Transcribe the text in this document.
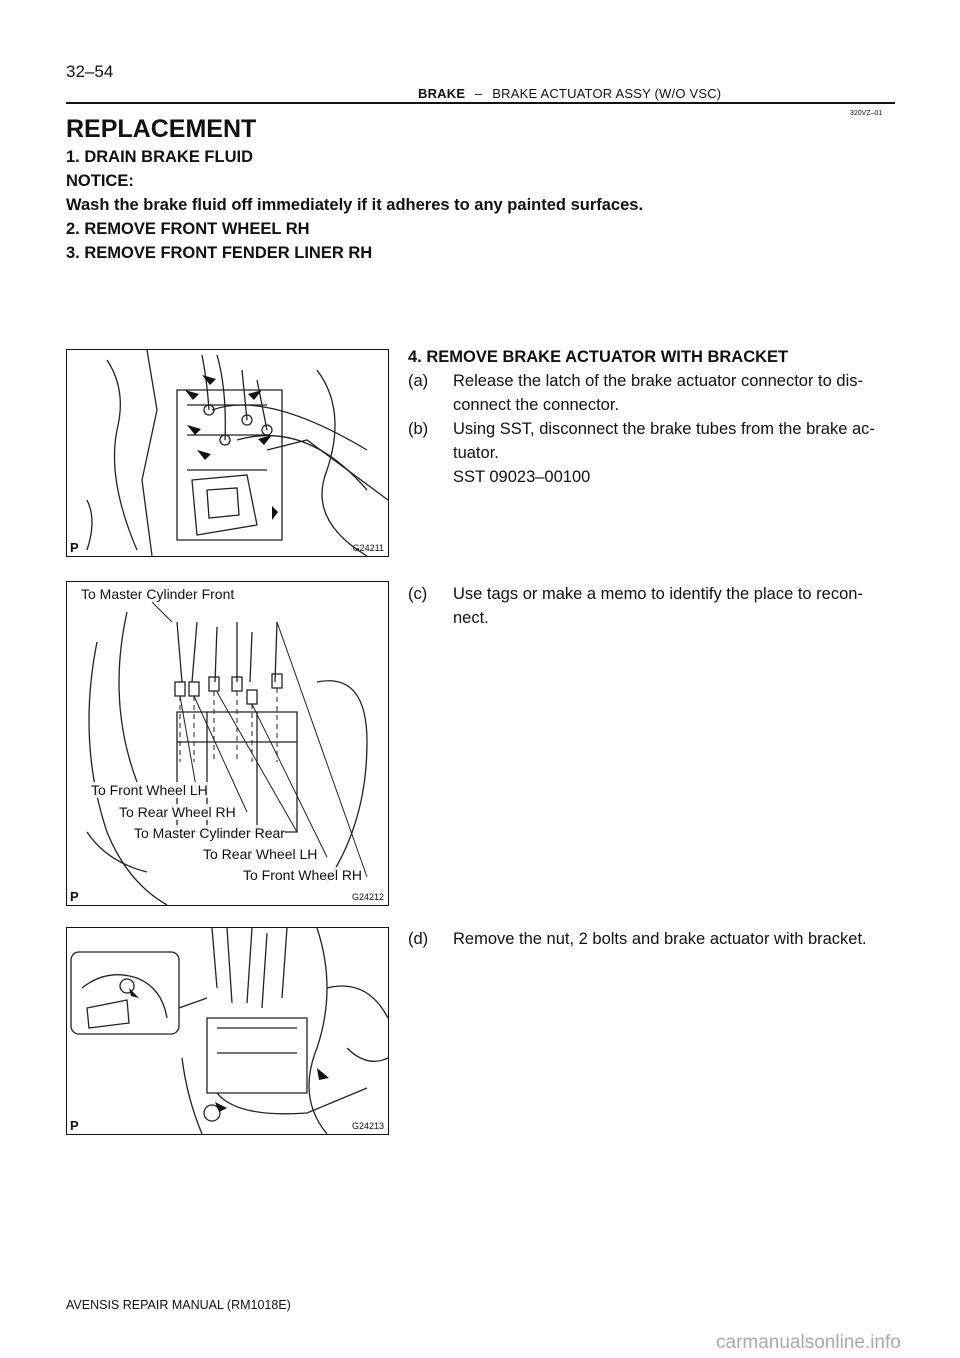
32–54
BRAKE – BRAKE ACTUATOR ASSY (W/O VSC)
320VZ–01
REPLACEMENT
1. DRAIN BRAKE FLUID
NOTICE:
Wash the brake fluid off immediately if it adheres to any painted surfaces.
2. REMOVE FRONT WHEEL RH
3. REMOVE FRONT FENDER LINER RH
4. REMOVE BRAKE ACTUATOR WITH BRACKET
(a) Release the latch of the brake actuator connector to dis-
connect the connector.
(b) Using SST, disconnect the brake tubes from the brake ac-
tuator.
SST 09023–00100
(c) Use tags or make a memo to identify the place to recon-
nect.
(d) Remove the nut, 2 bolts and brake actuator with bracket.
P	G24211
To Master Cylinder Front
To Front Wheel LH
To Rear Wheel RH
To Master Cylinder Rear
To Rear Wheel LH
To Front Wheel RH
P	G24212
P	G24213
AVENSIS REPAIR MANUAL (RM1018E)
carmanualsonline.info
